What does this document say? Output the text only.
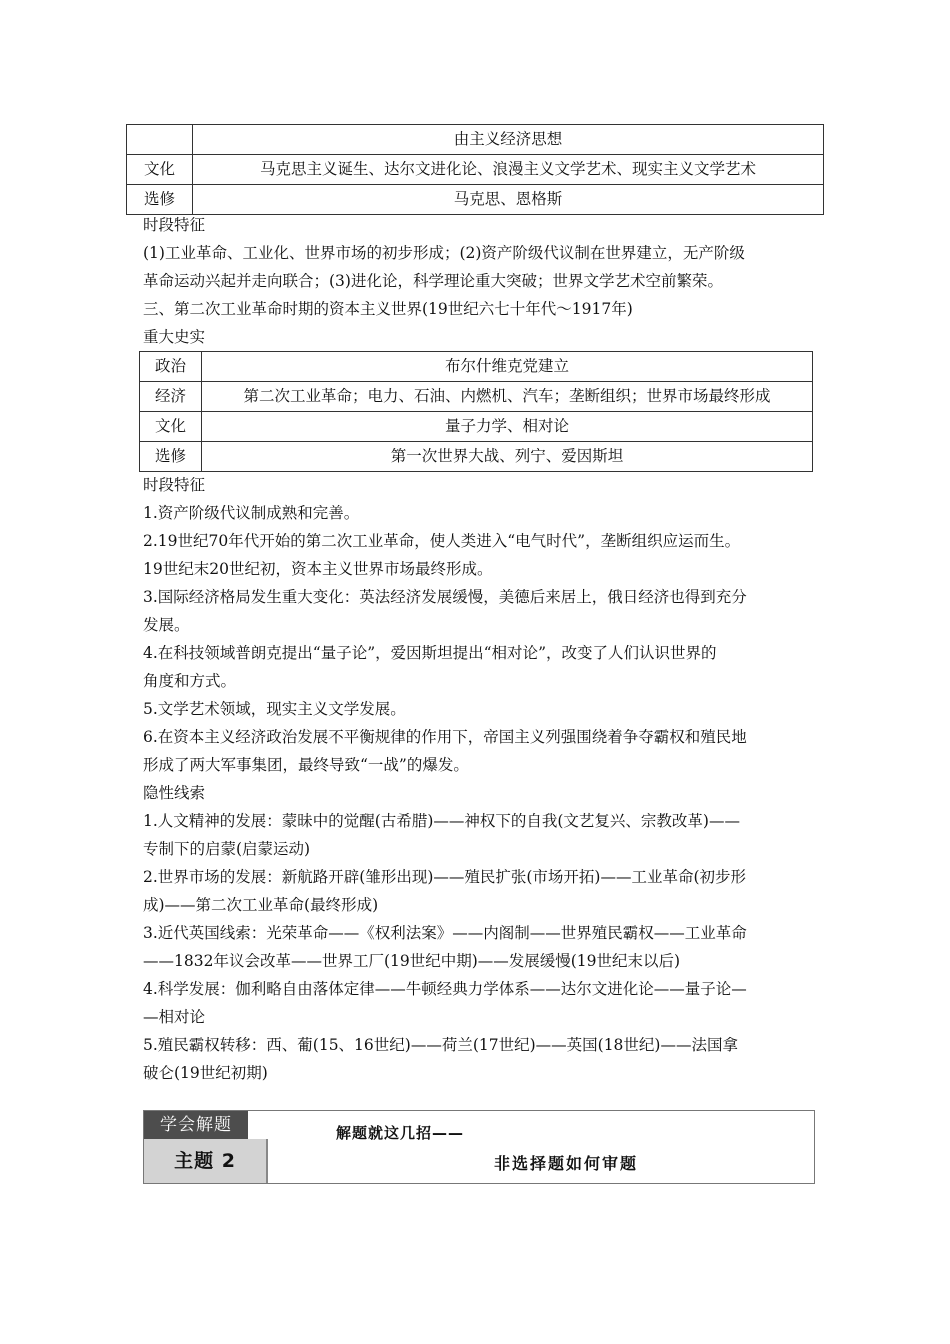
	由主义经济思想
文化	马克思主义诞生、达尔文进化论、浪漫主义文学艺术、现实主义文学艺术
选修	马克思、恩格斯
时段特征
(1)工业革命、工业化、世界市场的初步形成；(2)资产阶级代议制在世界建立，无产阶级
革命运动兴起并走向联合；(3)进化论，科学理论重大突破；世界文学艺术空前繁荣。
三、第二次工业革命时期的资本主义世界(19世纪六七十年代～1917年)
重大史实
政治	布尔什维克党建立
经济	第二次工业革命；电力、石油、内燃机、汽车；垄断组织；世界市场最终形成
文化	量子力学、相对论
选修	第一次世界大战、列宁、爱因斯坦
时段特征
1.资产阶级代议制成熟和完善。
2.19世纪70年代开始的第二次工业革命，使人类进入“电气时代”，垄断组织应运而生。
19世纪末20世纪初，资本主义世界市场最终形成。
3.国际经济格局发生重大变化：英法经济发展缓慢，美德后来居上，俄日经济也得到充分
发展。
4.在科技领域普朗克提出“量子论”，爱因斯坦提出“相对论”，改变了人们认识世界的
角度和方式。
5.文学艺术领域，现实主义文学发展。
6.在资本主义经济政治发展不平衡规律的作用下，帝国主义列强围绕着争夺霸权和殖民地
形成了两大军事集团，最终导致“一战”的爆发。
隐性线索
1.人文精神的发展：蒙昧中的觉醒(古希腊)——神权下的自我(文艺复兴、宗教改革)——
专制下的启蒙(启蒙运动)
2.世界市场的发展：新航路开辟(雏形出现)——殖民扩张(市场开拓)——工业革命(初步形
成)——第二次工业革命(最终形成)
3.近代英国线索：光荣革命——《权利法案》——内阁制——世界殖民霸权——工业革命
——1832年议会改革——世界工厂(19世纪中期)——发展缓慢(19世纪末以后)
4.科学发展：伽利略自由落体定律——牛顿经典力学体系——达尔文进化论——量子论—
—相对论
5.殖民霸权转移：西、葡(15、16世纪)——荷兰(17世纪)——英国(18世纪)——法国拿
破仑(19世纪初期)
学会解题
主题 2
解题就这几招——
非选择题如何审题
